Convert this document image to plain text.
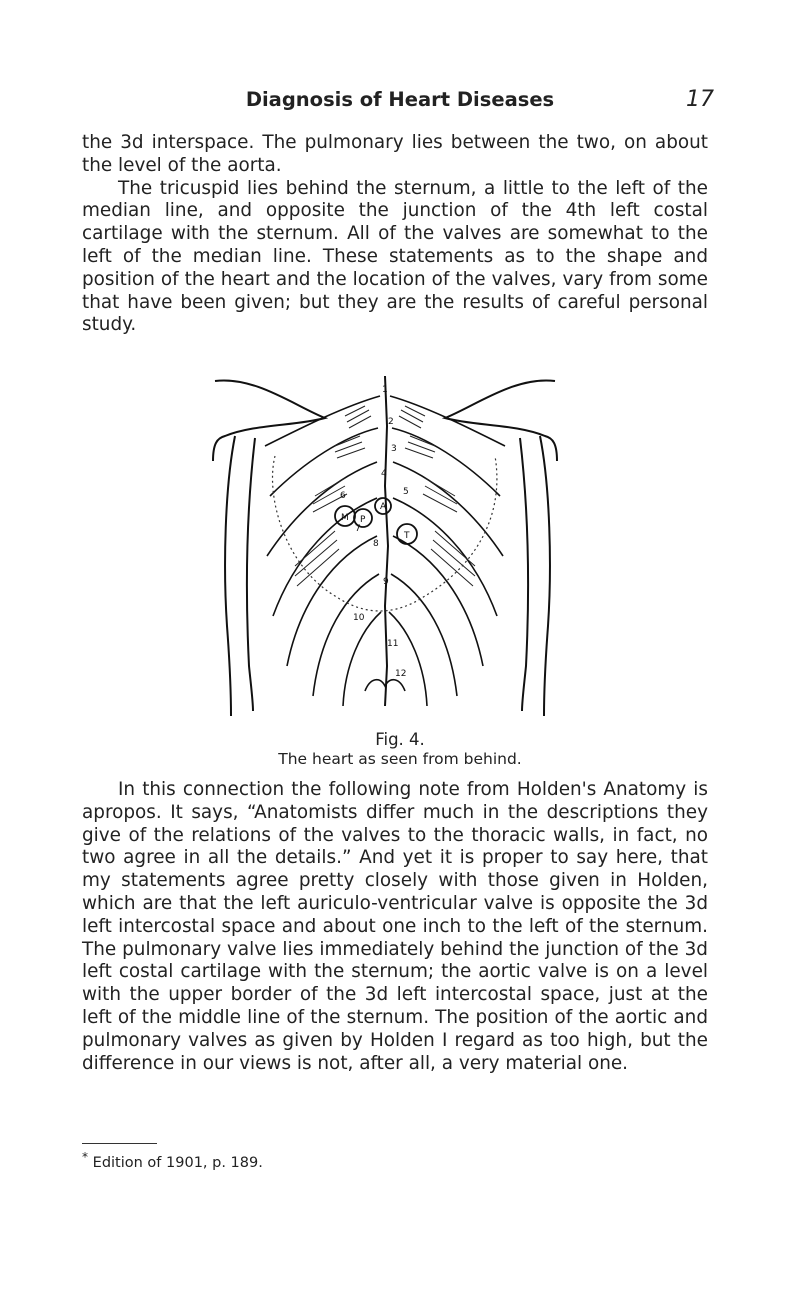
Diagnosis of Heart Diseases	17

the 3d interspace. The pulmonary lies between the two, on about the level of the aorta.

The tricuspid lies behind the sternum, a little to the left of the median line, and opposite the junction of the 4th left costal cartilage with the sternum. All of the valves are somewhat to the left of the median line. These statements as to the shape and position of the heart and the location of the valves, vary from some that have been given; but they are the results of careful personal study.

1
2
3
4
5
6
7
8
9
10
11
12
M
A
T
P
Fig. 4.
The heart as seen from behind.

In this connection the following note from Holden's Anatomy is apropos. It says, “Anatomists differ much in the descriptions they give of the relations of the valves to the thoracic walls, in fact, no two agree in all the details.” And yet it is proper to say here, that my statements agree pretty closely with those given in Holden, which are that the left auriculo-ventricular valve is opposite the 3d left intercostal space and about one inch to the left of the sternum. The pulmonary valve lies immediately behind the junction of the 3d left costal cartilage with the sternum; the aortic valve is on a level with the upper border of the 3d left intercostal space, just at the left of the middle line of the sternum. The position of the aortic and pulmonary valves as given by Holden I regard as too high, but the difference in our views is not, after all, a very material one.

* Edition of 1901, p. 189.
